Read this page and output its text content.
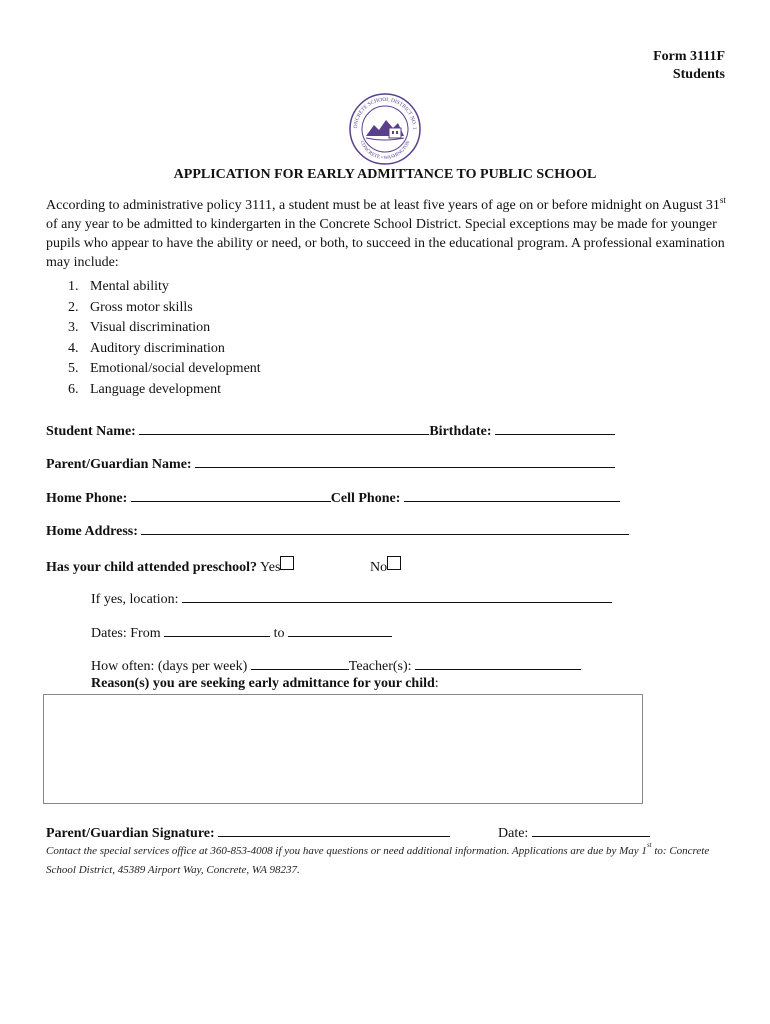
Form 3111F
Students
ONCRETE SCHOOL DISTRICT NO. 1
CONCRETE • WASHINGTON
APPLICATION FOR EARLY ADMITTANCE TO PUBLIC SCHOOL
According to administrative policy 3111, a student must be at least five years of age on or before midnight on August 31st of any year to be admitted to kindergarten in the Concrete School District. Special exceptions may be made for younger pupils who appear to have the ability or need, or both, to succeed in the educational program. A professional examination may include:
1. Mental ability
2. Gross motor skills
3. Visual discrimination
4. Auditory discrimination
5. Emotional/social development
6. Language development
Student Name:	Birthdate:
Parent/Guardian Name:
Home Phone:	Cell Phone:
Home Address:
Has your child attended preschool? Yes	No
If yes, location:
Dates: From	to
How often: (days per week)	Teacher(s):
Reason(s) you are seeking early admittance for your child:
Parent/Guardian Signature:	Date:
Contact the special services office at 360-853-4008 if you have questions or need additional information. Applications are due by May 1st to: Concrete School District, 45389 Airport Way, Concrete, WA 98237.
